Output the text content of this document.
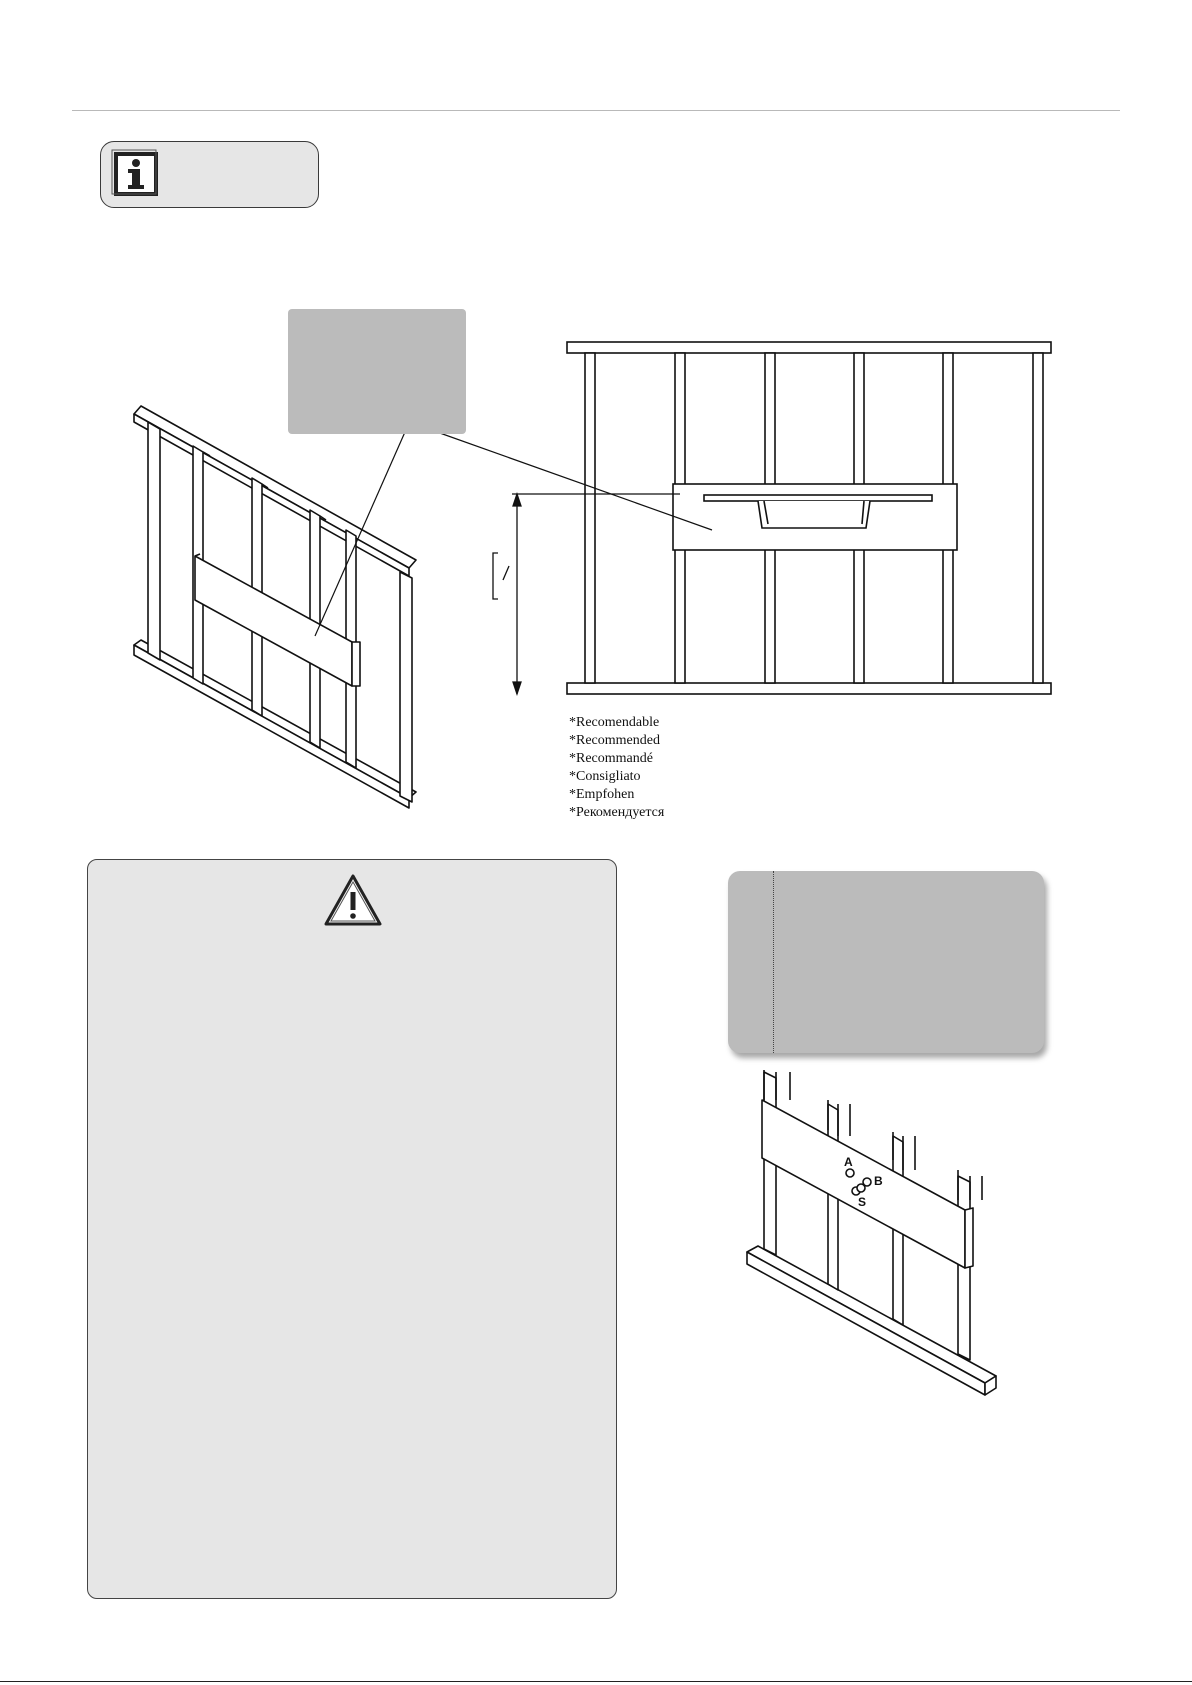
*Recomendable
*Recommended
*Recommandé
*Consigliato
*Empfohen
*Рекомендуется
A
B
S
